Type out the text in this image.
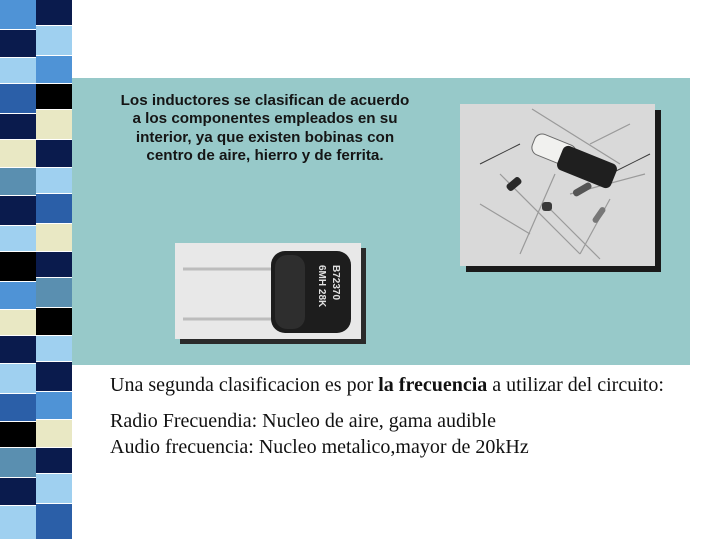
Los inductores se clasifican de acuerdo a los componentes empleados en su interior, ya que existen bobinas con centro de aire, hierro y de ferrita.

B72370
6MH 28K

Una segunda clasificacion es por la frecuencia a utilizar del circuito:

Radio Frecuendia: Nucleo de aire, gama audible

Audio frecuencia: Nucleo metalico,mayor de 20kHz
